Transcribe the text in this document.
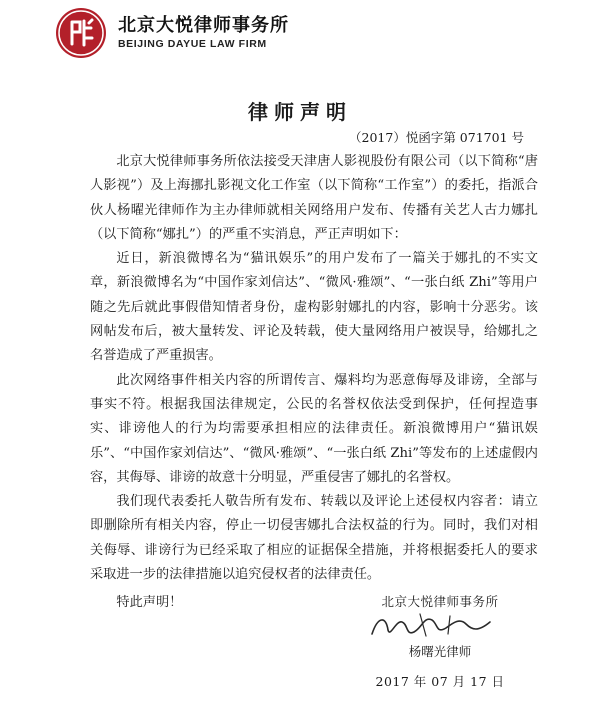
北京大悦律师事务所
BEIJING DAYUE LAW FIRM
律师声明
（2017）悦函字第 071701 号

北京大悦律师事务所依法接受天津唐人影视股份有限公司（以下简称“唐人影视”）及上海挪扎影视文化工作室（以下简称“工作室”）的委托，指派合伙人杨曜光律师作为主办律师就相关网络用户发布、传播有关艺人古力娜扎（以下简称“娜扎”）的严重不实消息，严正声明如下：

近日，新浪微博名为“猫讯娱乐”的用户发布了一篇关于娜扎的不实文章，新浪微博名为“中国作家刘信达”、“微风·雅颂”、“一张白纸 Zhi”等用户随之先后就此事假借知情者身份，虚构影射娜扎的内容，影响十分恶劣。该网帖发布后，被大量转发、评论及转载，使大量网络用户被误导，给娜扎之名誉造成了严重损害。

此次网络事件相关内容的所谓传言、爆料均为恶意侮辱及诽谤，全部与事实不符。根据我国法律规定，公民的名誉权依法受到保护，任何捏造事实、诽谤他人的行为均需要承担相应的法律责任。新浪微博用户“猫讯娱乐”、“中国作家刘信达”、“微风·雅颂”、“一张白纸 Zhi”等发布的上述虚假内容，其侮辱、诽谤的故意十分明显，严重侵害了娜扎的名誉权。

我们现代表委托人敬告所有发布、转载以及评论上述侵权内容者：请立即删除所有相关内容，停止一切侵害娜扎合法权益的行为。同时，我们对相关侮辱、诽谤行为已经采取了相应的证据保全措施，并将根据委托人的要求采取进一步的法律措施以追究侵权者的法律责任。

特此声明！	北京大悦律师事务所
杨曙光律师
2017 年 07 月 17 日
